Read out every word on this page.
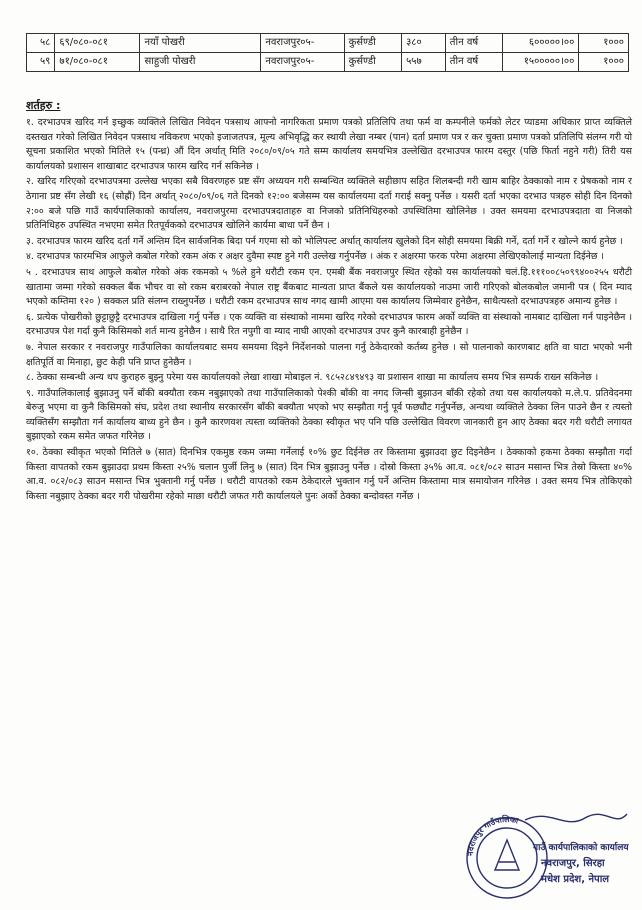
५८	६९/०८०-०८१	नयाँ पोखरी	नवराजपुर०५-	कुर्सण्डी	३८०	तीन वर्ष	६०००००।००	१०००
५९	७१/०८०-०८१	साहुजी पोखरी	नवराजपुर०५-	कुर्सण्डी	५५७	तीन वर्ष	१५०००००।००	१०००
शर्तहरु :

१. दरभाउपत्र खरिद गर्न इच्छुक व्यक्तिले लिखित निवेदन पत्रसाथ आफ्नो नागरिकता प्रमाण पत्रको प्रतिलिपि तथा फर्म वा कम्पनीले फर्मको लेटर प्याडमा अधिकार प्राप्त व्यक्तिले दस्तखत गरेको लिखित निवेदन पत्रसाथ नविकरण भएको इजाजतपत्र, मूल्य अभिवृद्धि कर स्थायी लेखा नम्बर (पान) दर्ता प्रमाण पत्र र कर चुक्ता प्रमाण पत्रको प्रतिलिपि संलग्न गरी यो सूचना प्रकाशित भएको मितिले १५ (पन्ध्र) औं दिन अर्थात् मिति २०८०/०९/०५ गते सम्म कार्यालय समयभित्र उल्लेखित दरभाउपत्र फारम दस्तुर (पछि फिर्ता नहुने गरी) तिरी यस कार्यालयको प्रशासन शाखाबाट दरभाउपत्र फारम खरिद गर्न सकिनेछ ।

२. खरिद गरिएको दरभाउपत्रमा उल्लेख भएका सबै विवरणहरु प्रष्ट सँग अध्ययन गरी सम्बन्धित व्यक्तिले सहीछाप सहित शिलबन्दी गरी खाम बाहिर ठेक्काको नाम र प्रेषकको नाम र ठेगाना प्रष्ट सँग लेखी १६ (सोह्रौं) दिन अर्थात् २०८०/०९/०६ गते दिनको १२:०० बजेसम्म यस कार्यालयमा दर्ता गराई सक्नु पर्नेछ । यसरी दर्ता भएका दरभाउ पत्रहरु सोही दिन दिनको २:०० बजे पछि गाउँ कार्यपालिकाको कार्यालय, नवराजपुरमा दरभाउपत्रदाताहरु वा निजको प्रतिनिधिहरुको उपस्थितिमा खोलिनेछ । उक्त समयमा दरभाउपत्रदाता वा निजको प्रतिनिधिहरु उपस्थित नभएमा समेत रितपूर्वकको दरभाउपत्र खोलिने कार्यमा बाधा पर्ने छैन ।

३. दरभाउपत्र फारम खरिद दर्ता गर्ने अन्तिम दिन सार्वजनिक बिदा पर्न गएमा सो को भोलिपल्ट अर्थात् कार्यालय खुलेको दिन सोही समयमा बिक्री गर्ने, दर्ता गर्ने र खोल्ने कार्य हुनेछ ।

४. दरभाउपत्र फारमभित्र आफुले कबोल गरेको रकम अंक र अक्षर दुवैमा स्पष्ट हुने गरी उल्लेख गर्नुपर्नेछ । अंक र अक्षरमा फरक परेमा अक्षरमा लेखिएकोलाई मान्यता दिईनेछ ।

५ . दरभाउपत्र साथ आफुले कबोल गरेको अंक रकमको ५ %ले हुने धरौटी रकम एन. एमबी बैंक नवराजपुर स्थित रहेको यस कार्यालयको चलं.हि.१११००८५०९९४००२५५ धरौटी खातामा जम्मा गरेको सक्कल बैंक भौचर वा सो रकम बराबरको नेपाल राष्ट्र बैंकबाट मान्यता प्राप्त बैंकले यस कार्यालयको नाउमा जारी गरिएको बोलकबोल जमानी पत्र ( दिन म्याद भएको कम्तिमा १२० ) सक्कल प्रति संलग्न राख्नुपर्नेछ । धरौटी रकम दरभाउपत्र साथ नगद खामी आएमा यस कार्यालय जिम्मेवार हुनेछैन, साथैत्यस्तो दरभाउपत्रहरु अमान्य हुनेछ ।

६. प्रत्येक पोखरीको छुट्टाछुट्टै दरभाउपत्र दाखिला गर्नु पर्नेछ । एक व्यक्ति वा संस्थाको नाममा खरिद गरेको दरभाउपत्र फारम अर्को व्यक्ति वा संस्थाको नामबाट दाखिला गर्न पाइनेछैन । दरभाउपत्र पेश गर्दा कुनै किसिमको शर्त मान्य हुनेछैन । साथै रित नपुगी वा म्याद नाघी आएको दरभाउपत्र उपर कुनै कारबाही हुनेछैन ।

७. नेपाल सरकार र नवराजपुर गाउँपालिका कार्यालयबाट समय समयमा दिइने निर्देशनको पालना गर्नु ठेकेदारको कर्तब्य हुनेछ । सो पालनाको कारणबाट क्षति वा घाटा भएको भनी क्षतिपूर्ति वा मिनाहा, छुट केही पनि प्राप्त हुनेछैन ।

८. ठेक्का सम्बन्धी अन्य थप कुराहरु बुझ्नु परेमा यस कार्यालयको लेखा शाखा मोबाइल नं. ९८५२८४९४९३ वा प्रशासन शाखा मा कार्यालय समय भित्र सम्पर्क राख्न सकिनेछ ।

९. गाउँपालिकालाई बुझाउनु पर्ने बाँकी बक्यौता रकम नबुझाएको तथा गाउँपालिकाको पेश्की बाँकी वा नगद जिन्सी बुझाउन बाँकी रहेको तथा यस कार्यालयको म.ले.प. प्रतिवेदनमा बेरुजु भएमा वा कुनै किसिमको संघ, प्रदेश तथा स्थानीय सरकारसँग बाँकी बक्यौता भएको भए सम्झौता गर्नु पूर्व फछ्यौट गर्नुपर्नेछ, अन्यथा व्यक्तिले ठेक्का लिन पाउने छैन र त्यस्तो व्यक्तिसँग सम्झौता गर्न कार्यालय बाध्य हुने छैन । कुनै कारणवश त्यस्ता व्यक्तिको ठेक्का स्वीकृत भए पनि पछि उल्लेखित विवरण जानकारी हुन आए ठेक्का बदर गरी धरौटी लगायत बुझाएको रकम समेत जफत गरिनेछ ।

१०. ठेक्का स्वीकृत भएको मितिले ७ (सात) दिनभित्र एकमुष्ठ रकम जम्मा गर्नेलाई १०% छुट दिईनेछ तर किस्तामा बुझाउदा छुट दिइनेछैन । ठेक्काको हकमा ठेक्का सम्झौता गर्दा किस्ता वापतको रकम बुझाउदा प्रथम किस्ता २५% चलान पुर्जी लिनु ७ (सात) दिन भित्र बुझाउनु पर्नेछ । दोस्रो किस्ता ३५% आ.व. ०८१/०८२ साउन मसान्त भित्र तेस्रो किस्ता ४०% आ.व. ०८२/०८३ साउन मसान्त भित्र भुक्तानी गर्नु पर्नेछ । धरौटी वापतको रकम ठेकेदारले भुक्तान गर्नु पर्ने अन्तिम किस्तामा मात्र समायोजन गरिनेछ । उक्त समय भित्र तोकिएको किस्ता नबुझाए ठेक्का बदर गरी पोखरीमा रहेको माछा धरौटी जफत गरी कार्यालयले पुनः अर्को ठेक्का बन्दोवस्त गर्नेछ ।

नवराजपुर गाउँपालिका
गाउँ कार्यपालिकाको कार्यालय
नवराजपुर, सिरहा
मधेश प्रदेश, नेपाल
